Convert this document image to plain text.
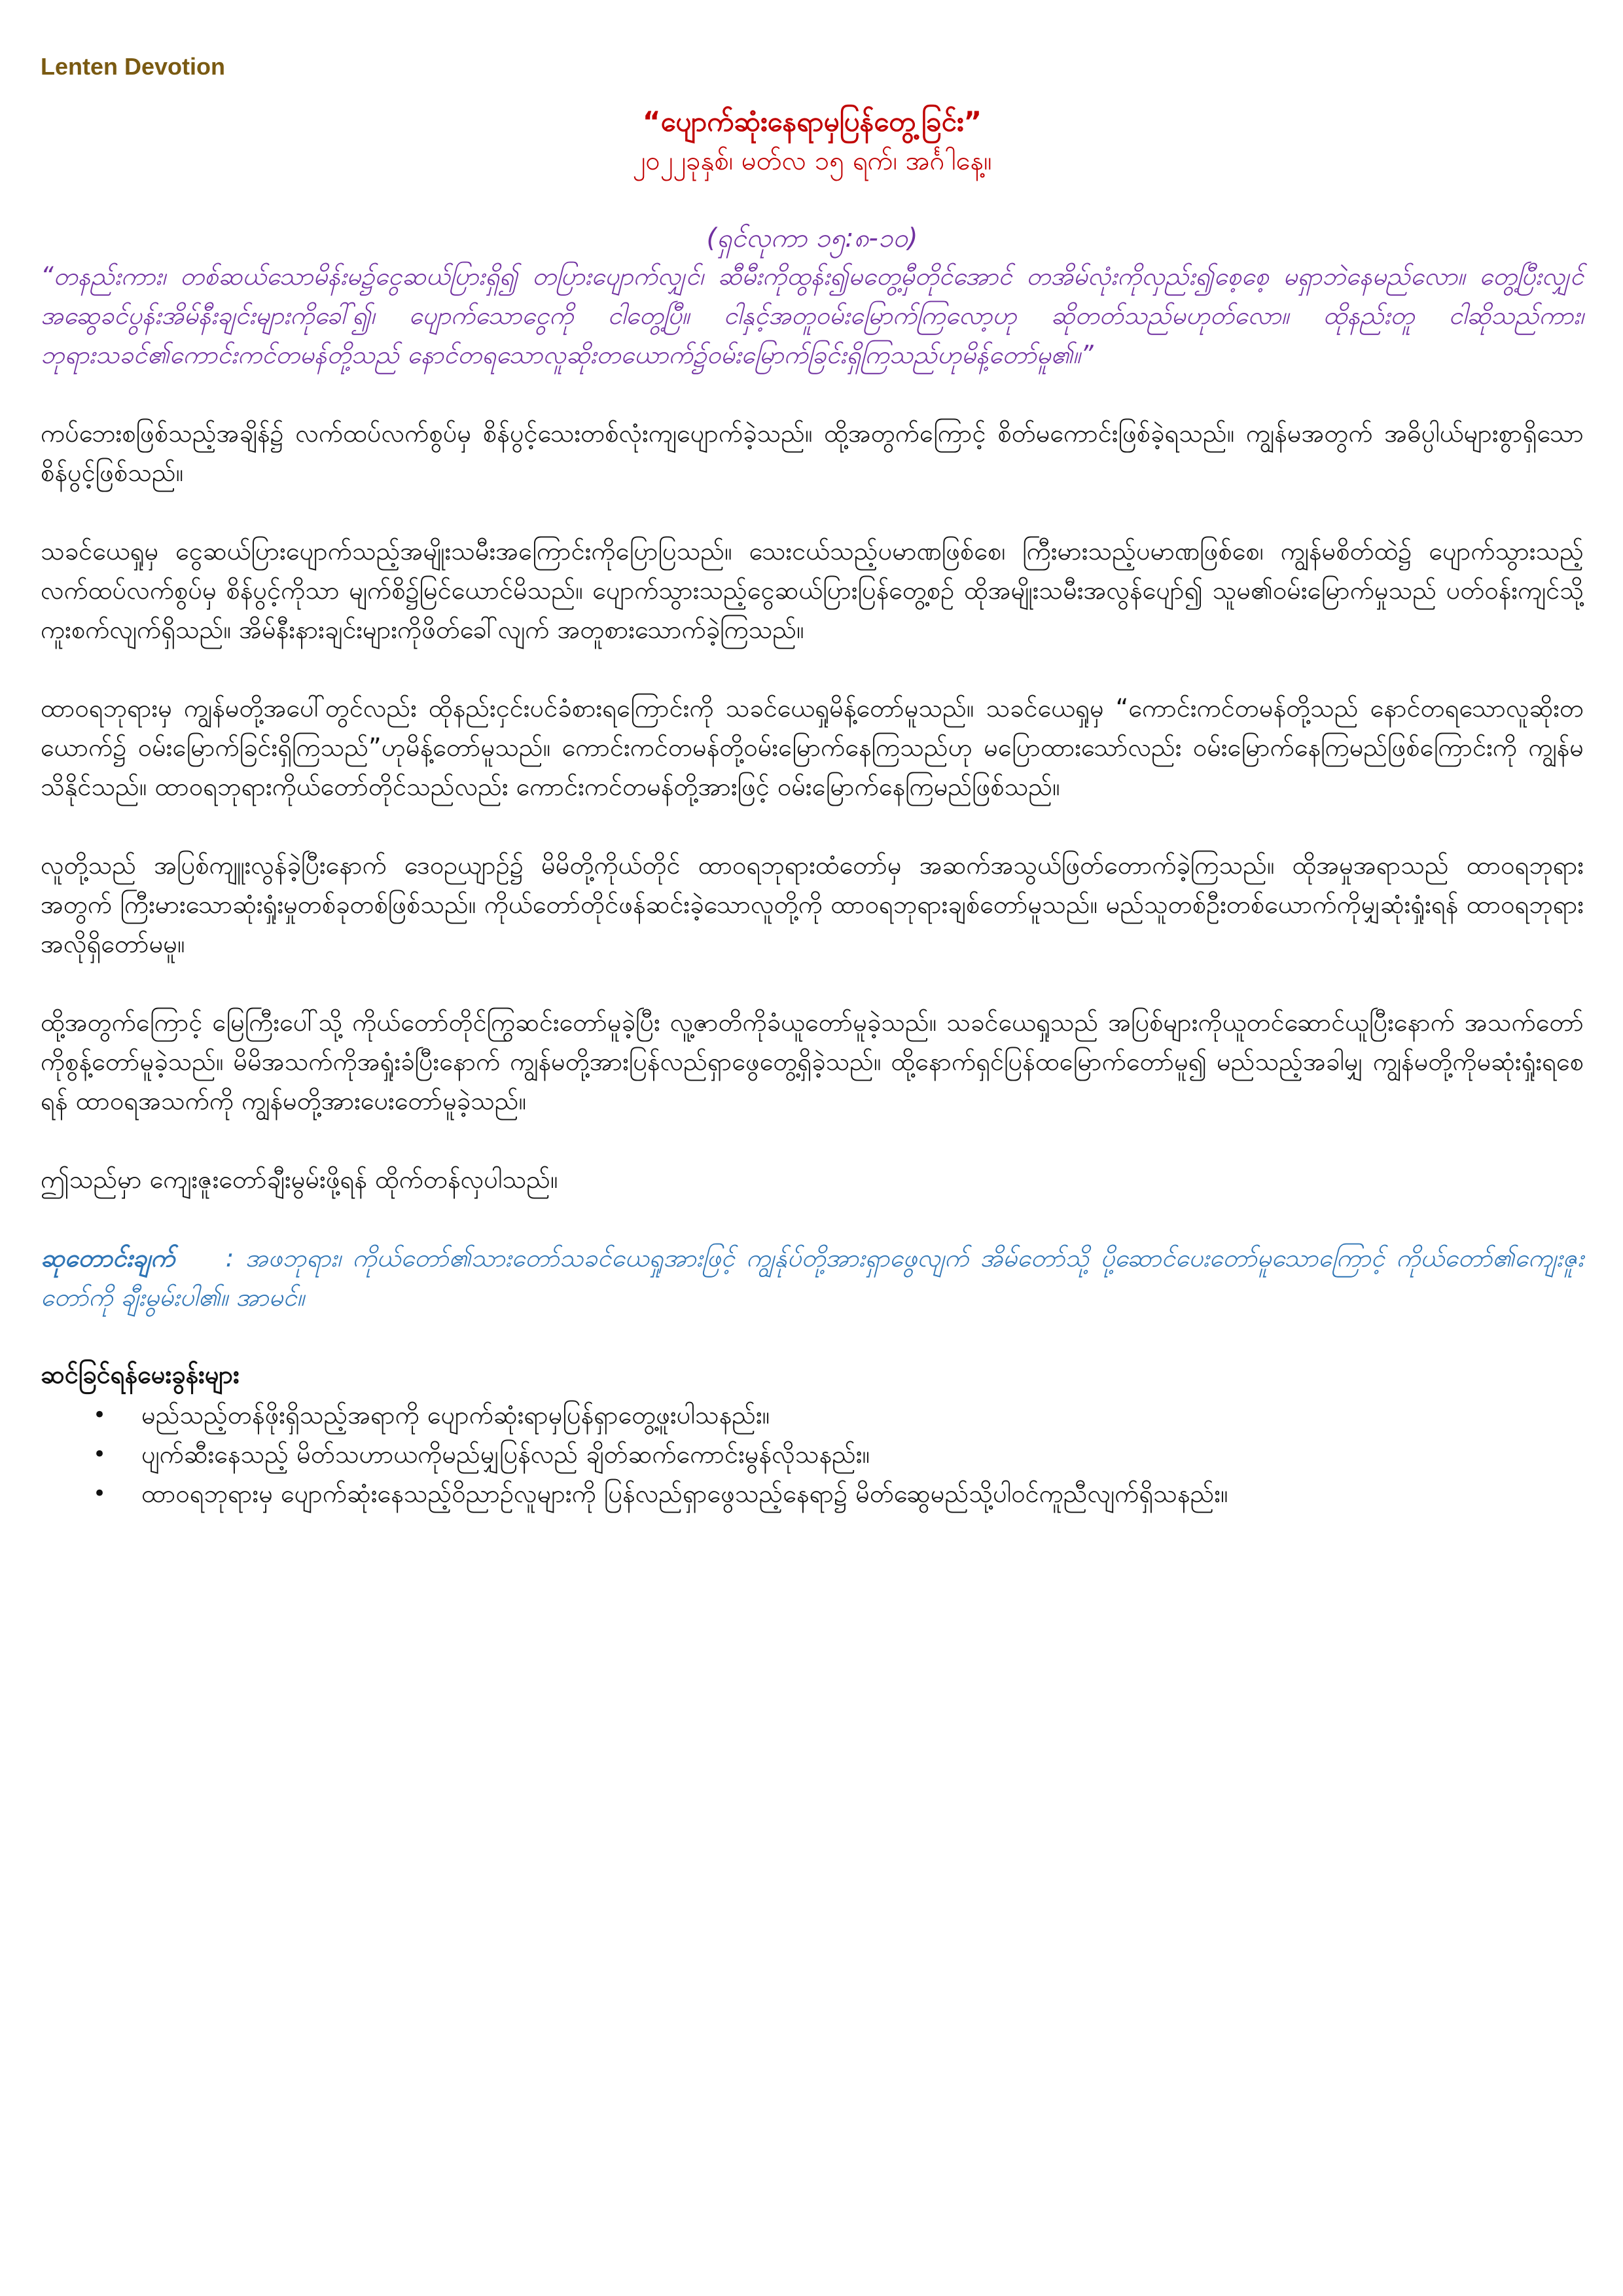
Lenten Devotion
“ပျောက်ဆုံးနေရာမှပြန်တွေ့ခြင်း”

၂၀၂၂ခုနှစ်၊ မတ်လ ၁၅ ရက်၊ အင်္ဂါနေ့။

(ရှင်လုကာ ၁၅:၈-၁၀)

“တနည်းကား၊ တစ်ဆယ်သောမိန်းမ၌ငွေဆယ်ပြားရှိ၍ တပြားပျောက်လျှင်၊ ဆီမီးကိုထွန်း၍မတွေ့မှီတိုင်အောင် တအိမ်လုံးကိုလှည်း၍စေ့စေ့ မရှာဘဲနေမည်လော။ တွေ့ပြီးလျှင် အဆွေခင်ပွန်းအိမ်နီးချင်းများကိုခေါ်၍၊ ပျောက်သောငွေကို ငါတွေ့ပြီ။ ငါနှင့်အတူဝမ်းမြောက်ကြလော့ဟု ဆိုတတ်သည်မဟုတ်လော။ ထိုနည်းတူ ငါဆိုသည်ကား၊ ဘုရားသခင်၏ကောင်းကင်တမန်တို့သည် နောင်တရသောလူဆိုးတယောက်၌ဝမ်းမြောက်ခြင်းရှိကြသည်ဟုမိန့်တော်မူ၏။”

ကပ်ဘေးစဖြစ်သည့်အချိန်၌ လက်ထပ်လက်စွပ်မှ စိန်ပွင့်သေးတစ်လုံးကျပျောက်ခဲ့သည်။ ထို့အတွက်ကြောင့် စိတ်မကောင်းဖြစ်ခဲ့ရသည်။ ကျွန်မအတွက် အဓိပ္ပါယ်များစွာရှိသော စိန်ပွင့်ဖြစ်သည်။

သခင်ယေရှုမှ ငွေဆယ်ပြားပျောက်သည့်အမျိုးသမီးအကြောင်းကိုပြောပြသည်။ သေးငယ်သည့်ပမာဏဖြစ်စေ၊ ကြီးမားသည့်ပမာဏဖြစ်စေ၊ ကျွန်မစိတ်ထဲ၌ ပျောက်သွားသည့်လက်ထပ်လက်စွပ်မှ စိန်ပွင့်ကိုသာ မျက်စိ၌မြင်ယောင်မိသည်။ ပျောက်သွားသည့်ငွေဆယ်ပြားပြန်တွေ့စဉ် ထိုအမျိုးသမီးအလွန်ပျော်၍ သူမ၏ဝမ်းမြောက်မှုသည် ပတ်ဝန်းကျင်သို့ကူးစက်လျက်ရှိသည်။ အိမ်နီးနားချင်းများကိုဖိတ်ခေါ်လျက် အတူစားသောက်ခဲ့ကြသည်။

ထာဝရဘုရားမှ ကျွန်မတို့အပေါ်တွင်လည်း ထိုနည်းငှင်းပင်ခံစားရကြောင်းကို သခင်ယေရှုမိန့်တော်မူသည်။ သခင်ယေရှုမှ “ကောင်းကင်တမန်တို့သည် နောင်တရသောလူဆိုးတယောက်၌ ဝမ်းမြောက်ခြင်းရှိကြသည်”ဟုမိန့်တော်မူသည်။ ကောင်းကင်တမန်တို့ဝမ်းမြောက်နေကြသည်ဟု မပြောထားသော်လည်း ဝမ်းမြောက်နေကြမည်ဖြစ်ကြောင်းကို ကျွန်မသိနိုင်သည်။ ထာဝရဘုရားကိုယ်တော်တိုင်သည်လည်း ကောင်းကင်တမန်တို့အားဖြင့် ဝမ်းမြောက်နေကြမည်ဖြစ်သည်။

လူတို့သည် အပြစ်ကျူးလွန်ခဲ့ပြီးနောက် ဒေဝဉယျာဉ်၌ မိမိတို့ကိုယ်တိုင် ထာဝရဘုရားထံတော်မှ အဆက်အသွယ်ဖြတ်တောက်ခဲ့ကြသည်။ ထိုအမှုအရာသည် ထာဝရဘုရားအတွက် ကြီးမားသောဆုံးရှုံးမှုတစ်ခုတစ်ဖြစ်သည်။ ကိုယ်တော်တိုင်ဖန်ဆင်းခဲ့သောလူတို့ကို ထာဝရဘုရားချစ်တော်မူသည်။ မည်သူတစ်ဦးတစ်ယောက်ကိုမျှဆုံးရှုံးရန် ထာဝရဘုရားအလိုရှိတော်မမူ။

ထို့အတွက်ကြောင့် မြေကြီးပေါ်သို့ ကိုယ်တော်တိုင်ကြွဆင်းတော်မူခဲ့ပြီး လူ့ဇာတိကိုခံယူတော်မူခဲ့သည်။ သခင်ယေရှုသည် အပြစ်များကိုယူတင်ဆောင်ယူပြီးနောက် အသက်တော်ကိုစွန့်တော်မူခဲ့သည်။ မိမိအသက်ကိုအရှုံးခံပြီးနောက် ကျွန်မတို့အားပြန်လည်ရှာဖွေတွေ့ရှိခဲ့သည်။ ထို့နောက်ရှင်ပြန်ထမြောက်တော်မူ၍ မည်သည့်အခါမျှ ကျွန်မတို့ကိုမဆုံးရှုံးရစေရန် ထာဝရအသက်ကို ကျွန်မတို့အားပေးတော်မူခဲ့သည်။

ဤသည်မှာ ကျေးဇူးတော်ချီးမွမ်းဖို့ရန် ထိုက်တန်လှပါသည်။

ဆုတောင်းချက် : အဖဘုရား၊ ကိုယ်တော်၏သားတော်သခင်ယေရှုအားဖြင့် ကျွန်ုပ်တို့အားရှာဖွေလျက် အိမ်တော်သို့ ပို့ဆောင်ပေးတော်မူသောကြောင့် ကိုယ်တော်၏ကျေးဇူးတော်ကို ချီးမွမ်းပါ၏။ အာမင်။

ဆင်ခြင်ရန်မေးခွန်းများ
• မည်သည့်တန်ဖိုးရှိသည့်အရာကို ပျောက်ဆုံးရာမှပြန်ရှာတွေ့ဖူးပါသနည်း။
• ပျက်ဆီးနေသည့် မိတ်သဟာယကိုမည်မျှပြန်လည် ချိတ်ဆက်ကောင်းမွန်လိုသနည်း။
• ထာဝရဘုရားမှ ပျောက်ဆုံးနေသည့်ဝိညာဉ်လူများကို ပြန်လည်ရှာဖွေသည့်နေရာ၌ မိတ်ဆွေမည်သို့ပါဝင်ကူညီလျက်ရှိသနည်း။
